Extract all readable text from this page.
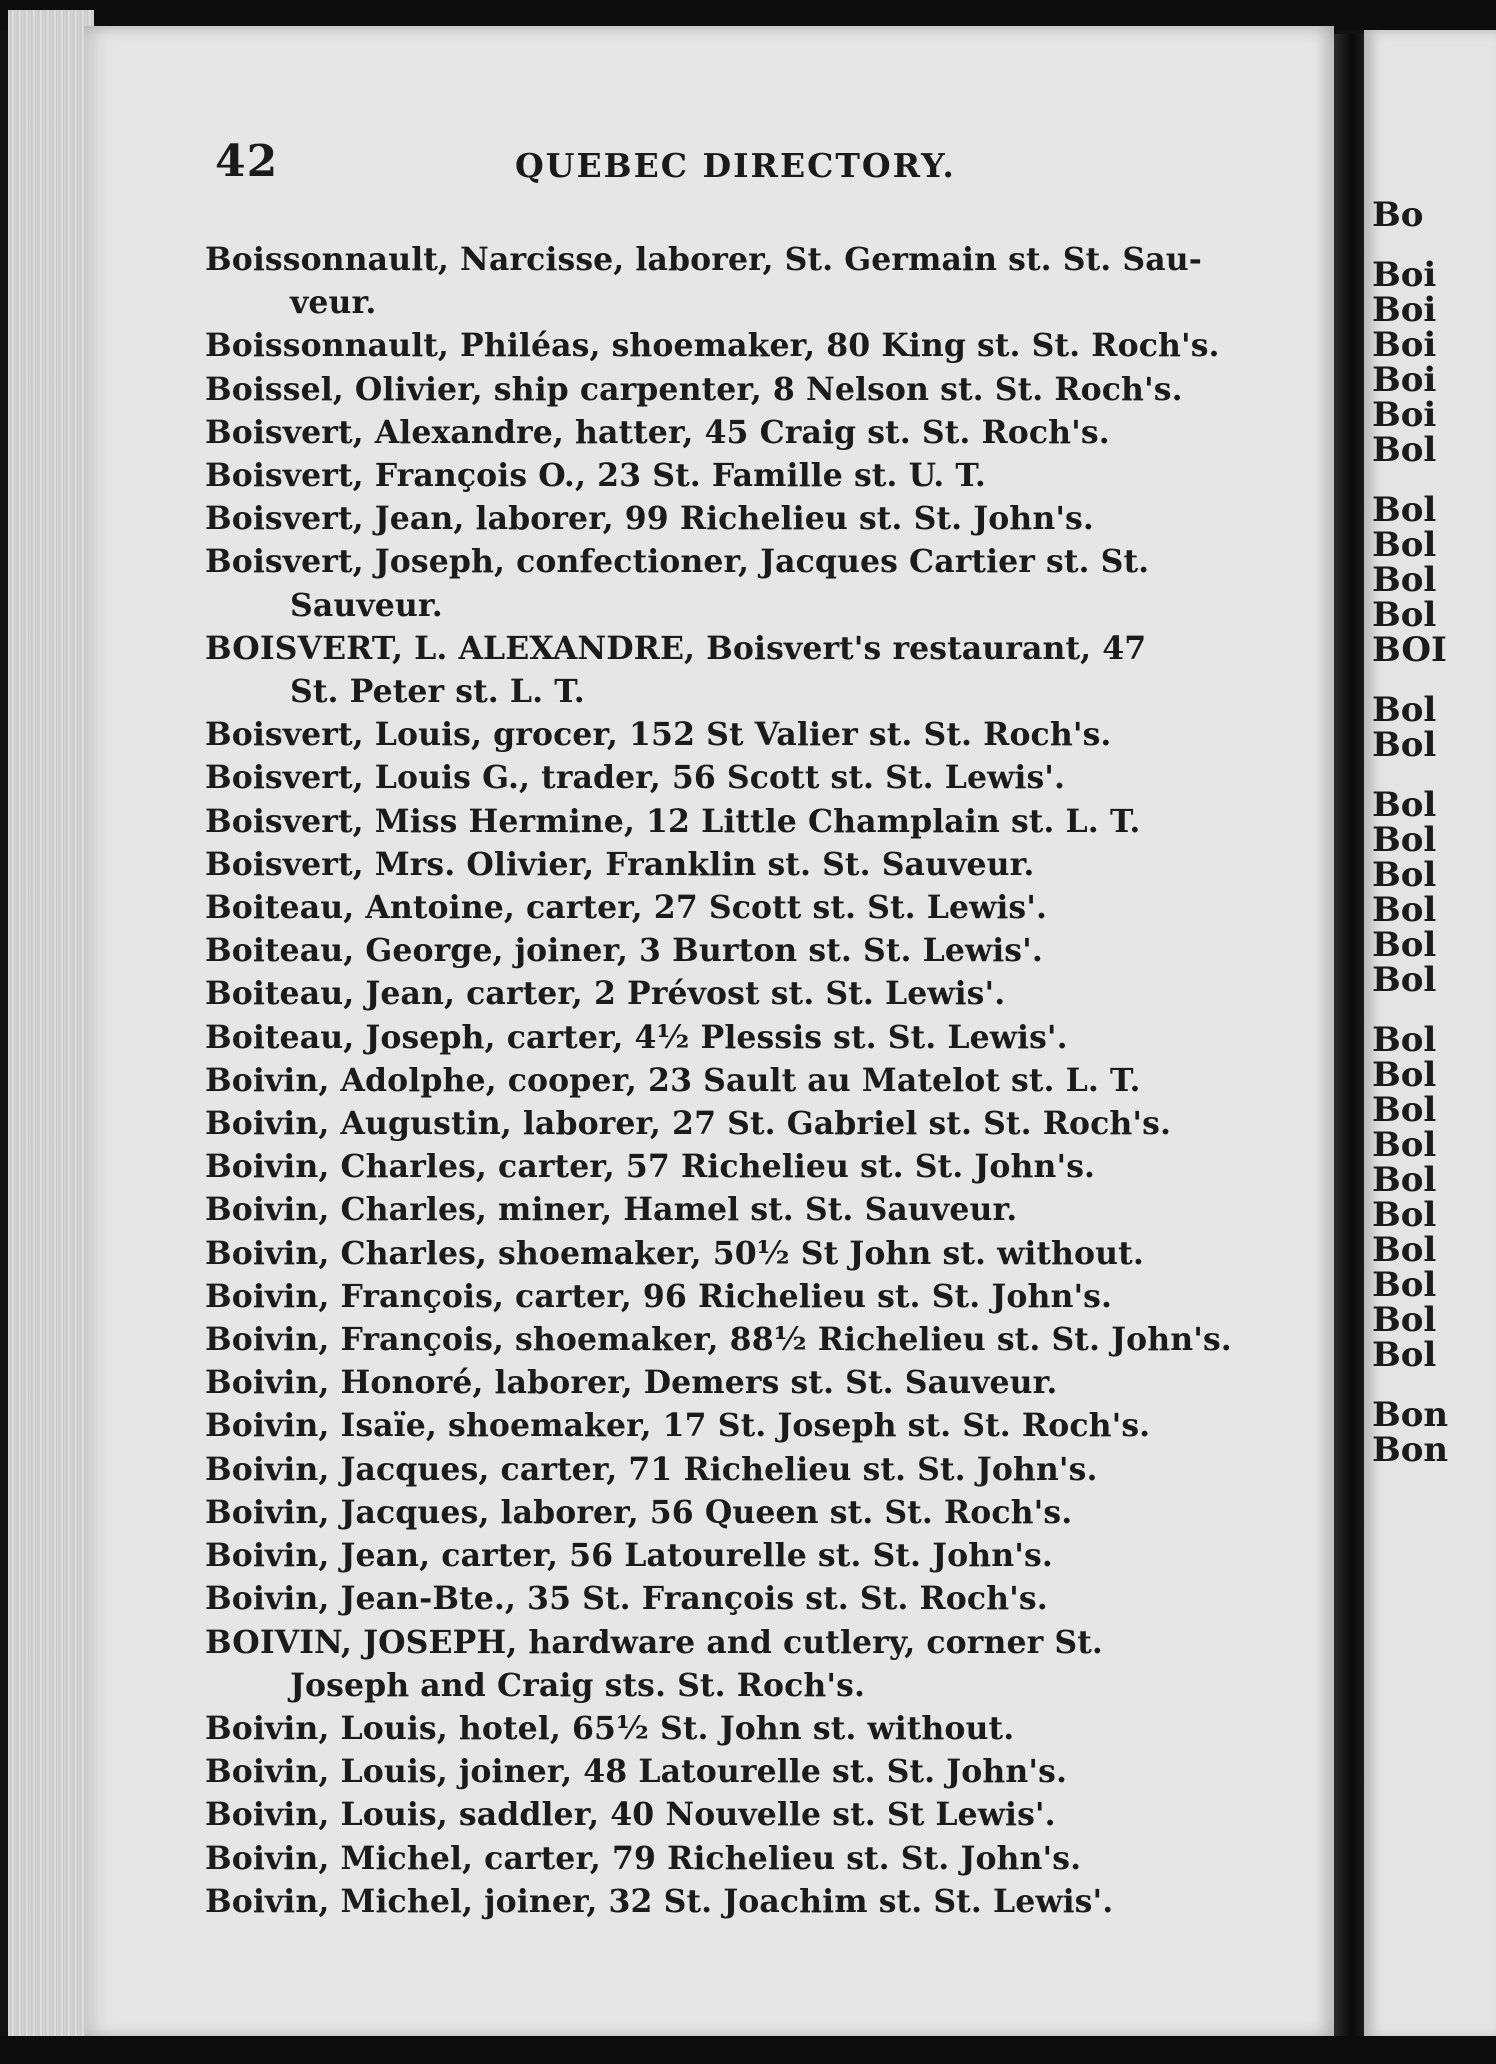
Bo
Boi
Boi
Boi
Boi
Boi
Bol
Bol
Bol
Bol
Bol
BOI
Bol
Bol
Bol
Bol
Bol
Bol
Bol
Bol
Bol
Bol
Bol
Bol
Bol
Bol
Bol
Bol
Bol
Bol
Bon
Bon
42	QUEBEC DIRECTORY.
Boissonnault, Narcisse, laborer, St. Germain st. St. Sau-
veur.
Boissonnault, Philéas, shoemaker, 80 King st. St. Roch's.
Boissel, Olivier, ship carpenter, 8 Nelson st. St. Roch's.
Boisvert, Alexandre, hatter, 45 Craig st. St. Roch's.
Boisvert, François O., 23 St. Famille st. U. T.
Boisvert, Jean, laborer, 99 Richelieu st. St. John's.
Boisvert, Joseph, confectioner, Jacques Cartier st. St.
Sauveur.
BOISVERT, L. ALEXANDRE, Boisvert's restaurant, 47
St. Peter st. L. T.
Boisvert, Louis, grocer, 152 St Valier st. St. Roch's.
Boisvert, Louis G., trader, 56 Scott st. St. Lewis'.
Boisvert, Miss Hermine, 12 Little Champlain st. L. T.
Boisvert, Mrs. Olivier, Franklin st. St. Sauveur.
Boiteau, Antoine, carter, 27 Scott st. St. Lewis'.
Boiteau, George, joiner, 3 Burton st. St. Lewis'.
Boiteau, Jean, carter, 2 Prévost st. St. Lewis'.
Boiteau, Joseph, carter, 4½ Plessis st. St. Lewis'.
Boivin, Adolphe, cooper, 23 Sault au Matelot st. L. T.
Boivin, Augustin, laborer, 27 St. Gabriel st. St. Roch's.
Boivin, Charles, carter, 57 Richelieu st. St. John's.
Boivin, Charles, miner, Hamel st. St. Sauveur.
Boivin, Charles, shoemaker, 50½ St John st. without.
Boivin, François, carter, 96 Richelieu st. St. John's.
Boivin, François, shoemaker, 88½ Richelieu st. St. John's.
Boivin, Honoré, laborer, Demers st. St. Sauveur.
Boivin, Isaïe, shoemaker, 17 St. Joseph st. St. Roch's.
Boivin, Jacques, carter, 71 Richelieu st. St. John's.
Boivin, Jacques, laborer, 56 Queen st. St. Roch's.
Boivin, Jean, carter, 56 Latourelle st. St. John's.
Boivin, Jean-Bte., 35 St. François st. St. Roch's.
BOIVIN, JOSEPH, hardware and cutlery, corner St.
Joseph and Craig sts. St. Roch's.
Boivin, Louis, hotel, 65½ St. John st. without.
Boivin, Louis, joiner, 48 Latourelle st. St. John's.
Boivin, Louis, saddler, 40 Nouvelle st. St Lewis'.
Boivin, Michel, carter, 79 Richelieu st. St. John's.
Boivin, Michel, joiner, 32 St. Joachim st. St. Lewis'.
